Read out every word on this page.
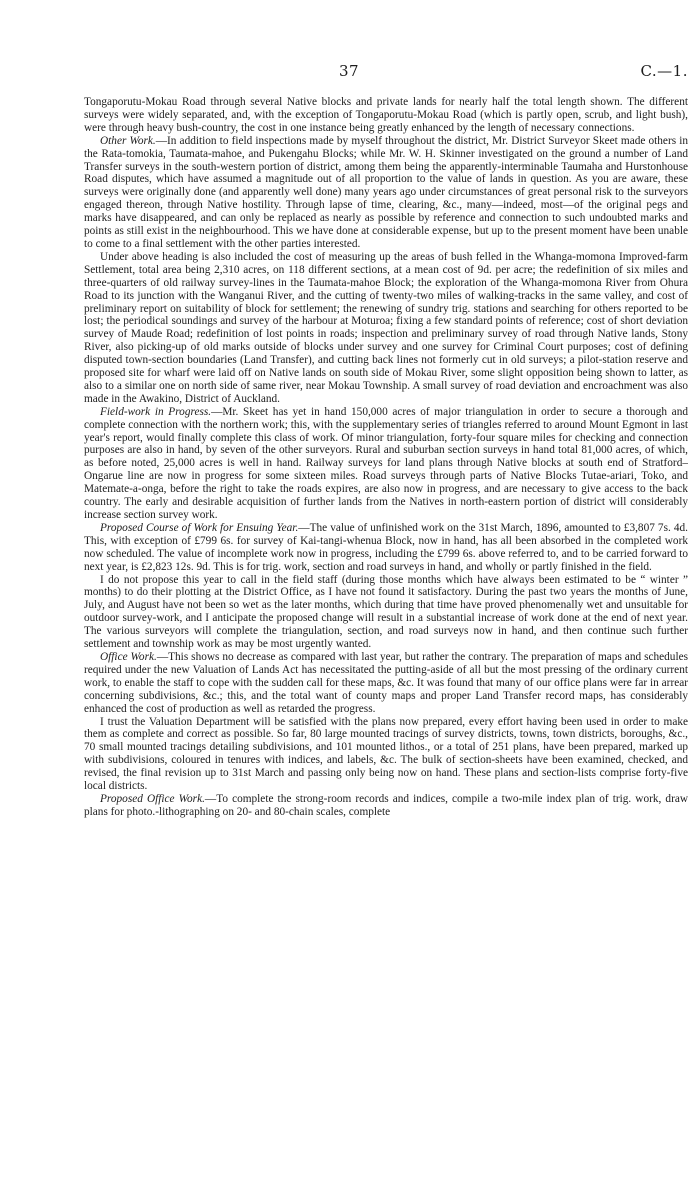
37	C.—1.

Tongaporutu-Mokau Road through several Native blocks and private lands for nearly half the total length shown. The different surveys were widely separated, and, with the exception of Tongaporutu-Mokau Road (which is partly open, scrub, and light bush), were through heavy bush-country, the cost in one instance being greatly enhanced by the length of necessary connections.

Other Work.—In addition to field inspections made by myself throughout the district, Mr. District Surveyor Skeet made others in the Rata-tomokia, Taumata-mahoe, and Pukengahu Blocks; while Mr. W. H. Skinner investigated on the ground a number of Land Transfer surveys in the south-western portion of district, among them being the apparently-interminable Taumaha and Hurstonhouse Road disputes, which have assumed a magnitude out of all proportion to the value of lands in question. As you are aware, these surveys were originally done (and apparently well done) many years ago under circumstances of great personal risk to the surveyors engaged thereon, through Native hostility. Through lapse of time, clearing, &c., many—indeed, most—of the original pegs and marks have disappeared, and can only be replaced as nearly as possible by reference and connection to such undoubted marks and points as still exist in the neighbourhood. This we have done at considerable expense, but up to the present moment have been unable to come to a final settlement with the other parties interested.

Under above heading is also included the cost of measuring up the areas of bush felled in the Whanga-momona Improved-farm Settlement, total area being 2,310 acres, on 118 different sections, at a mean cost of 9d. per acre; the redefinition of six miles and three-quarters of old railway survey-lines in the Taumata-mahoe Block; the exploration of the Whanga-momona River from Ohura Road to its junction with the Wanganui River, and the cutting of twenty-two miles of walking-tracks in the same valley, and cost of preliminary report on suitability of block for settlement; the renewing of sundry trig. stations and searching for others reported to be lost; the periodical soundings and survey of the harbour at Moturoa; fixing a few standard points of reference; cost of short deviation survey of Maude Road; redefinition of lost points in roads; inspection and preliminary survey of road through Native lands, Stony River, also picking-up of old marks outside of blocks under survey and one survey for Criminal Court purposes; cost of defining disputed town-section boundaries (Land Transfer), and cutting back lines not formerly cut in old surveys; a pilot-station reserve and proposed site for wharf were laid off on Native lands on south side of Mokau River, some slight opposition being shown to latter, as also to a similar one on north side of same river, near Mokau Township. A small survey of road deviation and encroachment was also made in the Awakino, District of Auckland.

Field-work in Progress.—Mr. Skeet has yet in hand 150,000 acres of major triangulation in order to secure a thorough and complete connection with the northern work; this, with the supplementary series of triangles referred to around Mount Egmont in last year's report, would finally complete this class of work. Of minor triangulation, forty-four square miles for checking and connection purposes are also in hand, by seven of the other surveyors. Rural and suburban section surveys in hand total 81,000 acres, of which, as before noted, 25,000 acres is well in hand. Railway surveys for land plans through Native blocks at south end of Stratford–Ongarue line are now in progress for some sixteen miles. Road surveys through parts of Native Blocks Tutae-ariari, Toko, and Matemate-a-onga, before the right to take the roads expires, are also now in progress, and are necessary to give access to the back country. The early and desirable acquisition of further lands from the Natives in north-eastern portion of district will considerably increase section survey work.

Proposed Course of Work for Ensuing Year.—The value of unfinished work on the 31st March, 1896, amounted to £3,807 7s. 4d. This, with exception of £799 6s. for survey of Kai-tangi-whenua Block, now in hand, has all been absorbed in the completed work now scheduled. The value of incomplete work now in progress, including the £799 6s. above referred to, and to be carried forward to next year, is £2,823 12s. 9d. This is for trig. work, section and road surveys in hand, and wholly or partly finished in the field.

I do not propose this year to call in the field staff (during those months which have always been estimated to be “ winter ” months) to do their plotting at the District Office, as I have not found it satisfactory. During the past two years the months of June, July, and August have not been so wet as the later months, which during that time have proved phenomenally wet and unsuitable for outdoor survey-work, and I anticipate the proposed change will result in a substantial increase of work done at the end of next year. The various surveyors will complete the triangulation, section, and road surveys now in hand, and then continue such further settlement and township work as may be most urgently wanted.

Office Work.—This shows no decrease as compared with last year, but rather the contrary. The preparation of maps and schedules required under the new Valuation of Lands Act has necessitated the putting-aside of all but the most pressing of the ordinary current work, to enable the staff to cope with the sudden call for these maps, &c. It was found that many of our office plans were far in arrear concerning subdivisions, &c.; this, and the total want of county maps and proper Land Transfer record maps, has considerably enhanced the cost of production as well as retarded the progress.

I trust the Valuation Department will be satisfied with the plans now prepared, every effort having been used in order to make them as complete and correct as possible. So far, 80 large mounted tracings of survey districts, towns, town districts, boroughs, &c., 70 small mounted tracings detailing subdivisions, and 101 mounted lithos., or a total of 251 plans, have been prepared, marked up with subdivisions, coloured in tenures with indices, and labels, &c. The bulk of section-sheets have been examined, checked, and revised, the final revision up to 31st March and passing only being now on hand. These plans and section-lists comprise forty-five local districts.

Proposed Office Work.—To complete the strong-room records and indices, compile a two-mile index plan of trig. work, draw plans for photo.-lithographing on 20- and 80-chain scales, complete
